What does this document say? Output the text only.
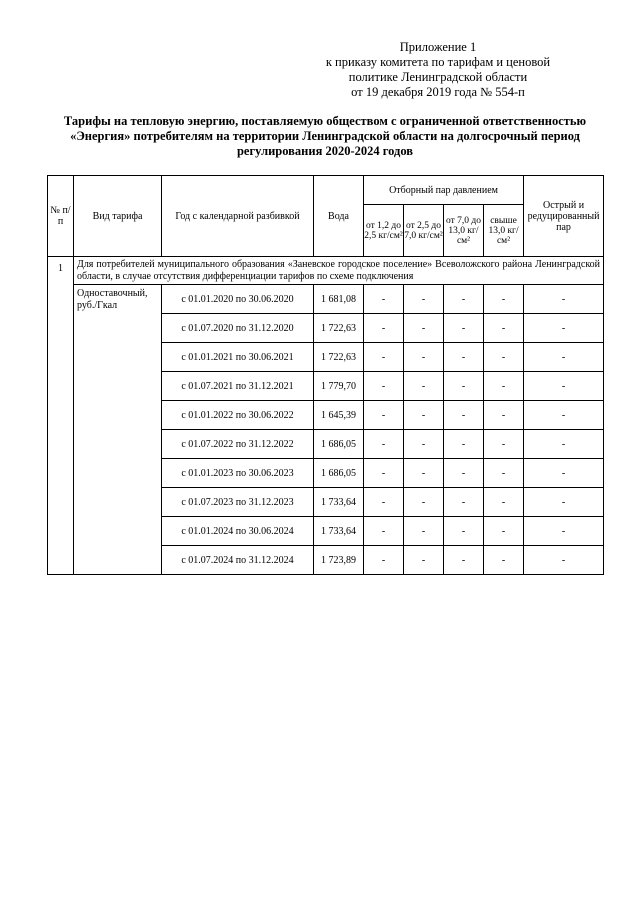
Приложение 1
к приказу комитета по тарифам и ценовой
политике Ленинградской области
от 19 декабря 2019 года № 554-п
Тарифы на тепловую энергию, поставляемую обществом с ограниченной ответственностью
«Энергия» потребителям на территории Ленинградской области на долгосрочный период
регулирования 2020-2024 годов
№ п/п	Вид тарифа	Год с календарной разбивкой	Вода	Отборный пар давлением				Острый и редуцированный пар
				от 1,2 до 2,5 кг/см²	от 2,5 до 7,0 кг/см²	от 7,0 до 13,0 кг/см²	свыше 13,0 кг/см²	
1	Для потребителей муниципального образования «Заневское городское поселение» Всеволожского района Ленинградской области, в случае отсутствия дифференциации тарифов по схеме подключения							
	Одноставочный, руб./Гкал	с 01.01.2020 по 30.06.2020	1 681,08	-	-	-	-	-
		с 01.07.2020 по 31.12.2020	1 722,63	-	-	-	-	-
		с 01.01.2021 по 30.06.2021	1 722,63	-	-	-	-	-
		с 01.07.2021 по 31.12.2021	1 779,70	-	-	-	-	-
		с 01.01.2022 по 30.06.2022	1 645,39	-	-	-	-	-
		с 01.07.2022 по 31.12.2022	1 686,05	-	-	-	-	-
		с 01.01.2023 по 30.06.2023	1 686,05	-	-	-	-	-
		с 01.07.2023 по 31.12.2023	1 733,64	-	-	-	-	-
		с 01.01.2024 по 30.06.2024	1 733,64	-	-	-	-	-
		с 01.07.2024 по 31.12.2024	1 723,89	-	-	-	-	-
